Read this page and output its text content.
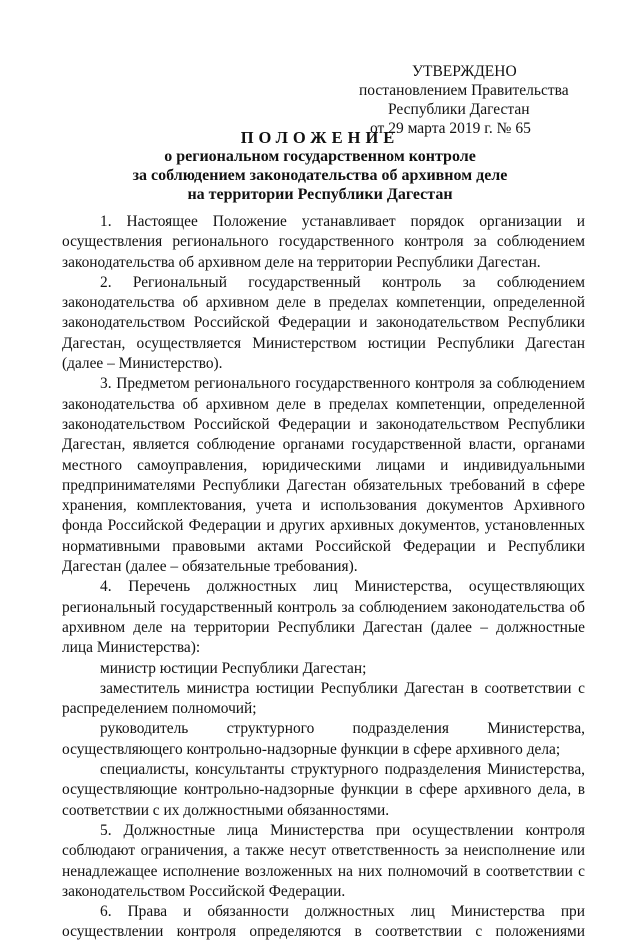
УТВЕРЖДЕНО
постановлением Правительства
Республики Дагестан
от 29 марта 2019 г. № 65
ПОЛОЖЕНИЕ
о региональном государственном контроле
за соблюдением законодательства об архивном деле
на территории Республики Дагестан

1. Настоящее Положение устанавливает порядок организации и осуществления регионального государственного контроля за соблюдением законодательства об архивном деле на территории Республики Дагестан.

2. Региональный государственный контроль за соблюдением законодательства об архивном деле в пределах компетенции, определенной законодательством Российской Федерации и законодательством Республики Дагестан, осуществляется Министерством юстиции Республики Дагестан (далее – Министерство).

3. Предметом регионального государственного контроля за соблюдением законодательства об архивном деле в пределах компетенции, определенной законодательством Российской Федерации и законодательством Республики Дагестан, является соблюдение органами государственной власти, органами местного самоуправления, юридическими лицами и индивидуальными предпринимателями Республики Дагестан обязательных требований в сфере хранения, комплектования, учета и использования документов Архивного фонда Российской Федерации и других архивных документов, установленных нормативными правовыми актами Российской Федерации и Республики Дагестан (далее – обязательные требования).

4. Перечень должностных лиц Министерства, осуществляющих региональный государственный контроль за соблюдением законодательства об архивном деле на территории Республики Дагестан (далее – должностные лица Министерства):

министр юстиции Республики Дагестан;

заместитель министра юстиции Республики Дагестан в соответствии с распределением полномочий;

руководитель структурного подразделения Министерства, осуществляющего контрольно-надзорные функции в сфере архивного дела;

специалисты, консультанты структурного подразделения Министерства, осуществляющие контрольно-надзорные функции в сфере архивного дела, в соответствии с их должностными обязанностями.

5. Должностные лица Министерства при осуществлении контроля соблюдают ограничения, а также несут ответственность за неисполнение или ненадлежащее исполнение возложенных на них полномочий в соответствии с законодательством Российской Федерации.

6. Права и обязанности должностных лиц Министерства при осуществлении контроля определяются в соответствии с положениями
